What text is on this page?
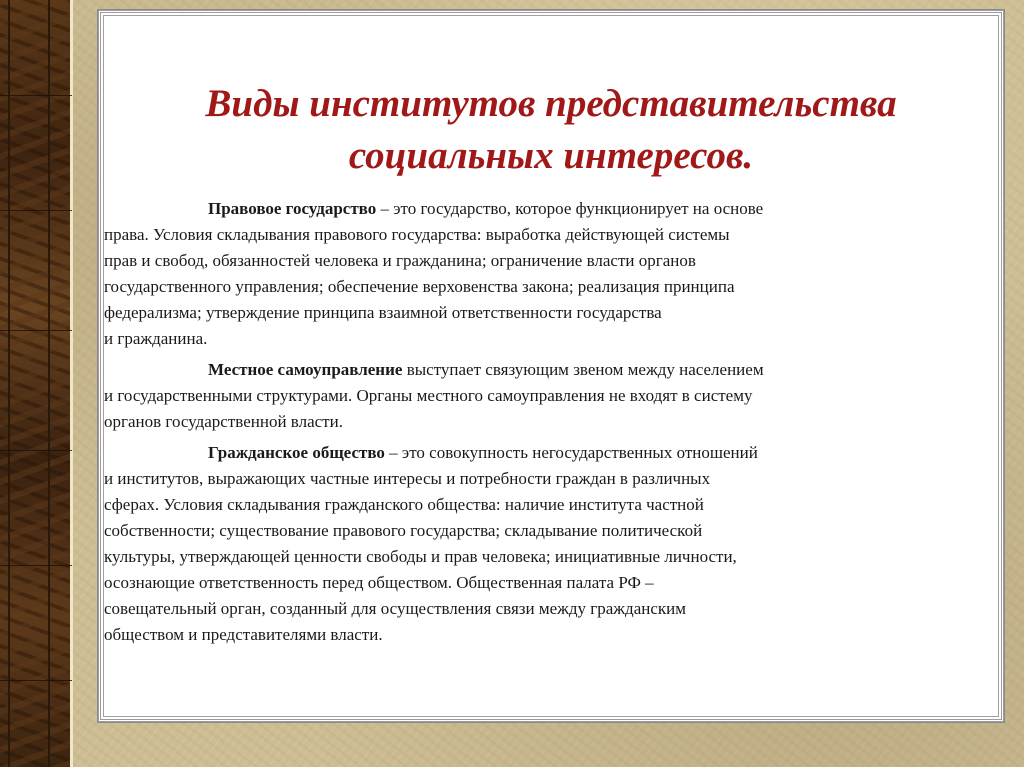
Виды институтов представительства
социальных интересов.
Правовое государство – это государство, которое функционирует на основе
права. Условия складывания правового государства: выработка действующей системы
прав и свобод, обязанностей человека и гражданина; ограничение власти органов
государственного управления; обеспечение верховенства закона; реализация принципа
федерализма; утверждение принципа взаимной ответственности государства
и гражданина.
Местное самоуправление выступает связующим звеном между населением
и государственными структурами. Органы местного самоуправления не входят в систему
органов государственной власти.
Гражданское общество – это совокупность негосударственных отношений
и институтов, выражающих частные интересы и потребности граждан в различных
сферах. Условия складывания гражданского общества: наличие института частной
собственности; существование правового государства; складывание политической
культуры, утверждающей ценности свободы и прав человека; инициативные личности,
осознающие ответственность перед обществом. Общественная палата РФ –
совещательный орган, созданный для осуществления связи между гражданским
обществом и представителями власти.
